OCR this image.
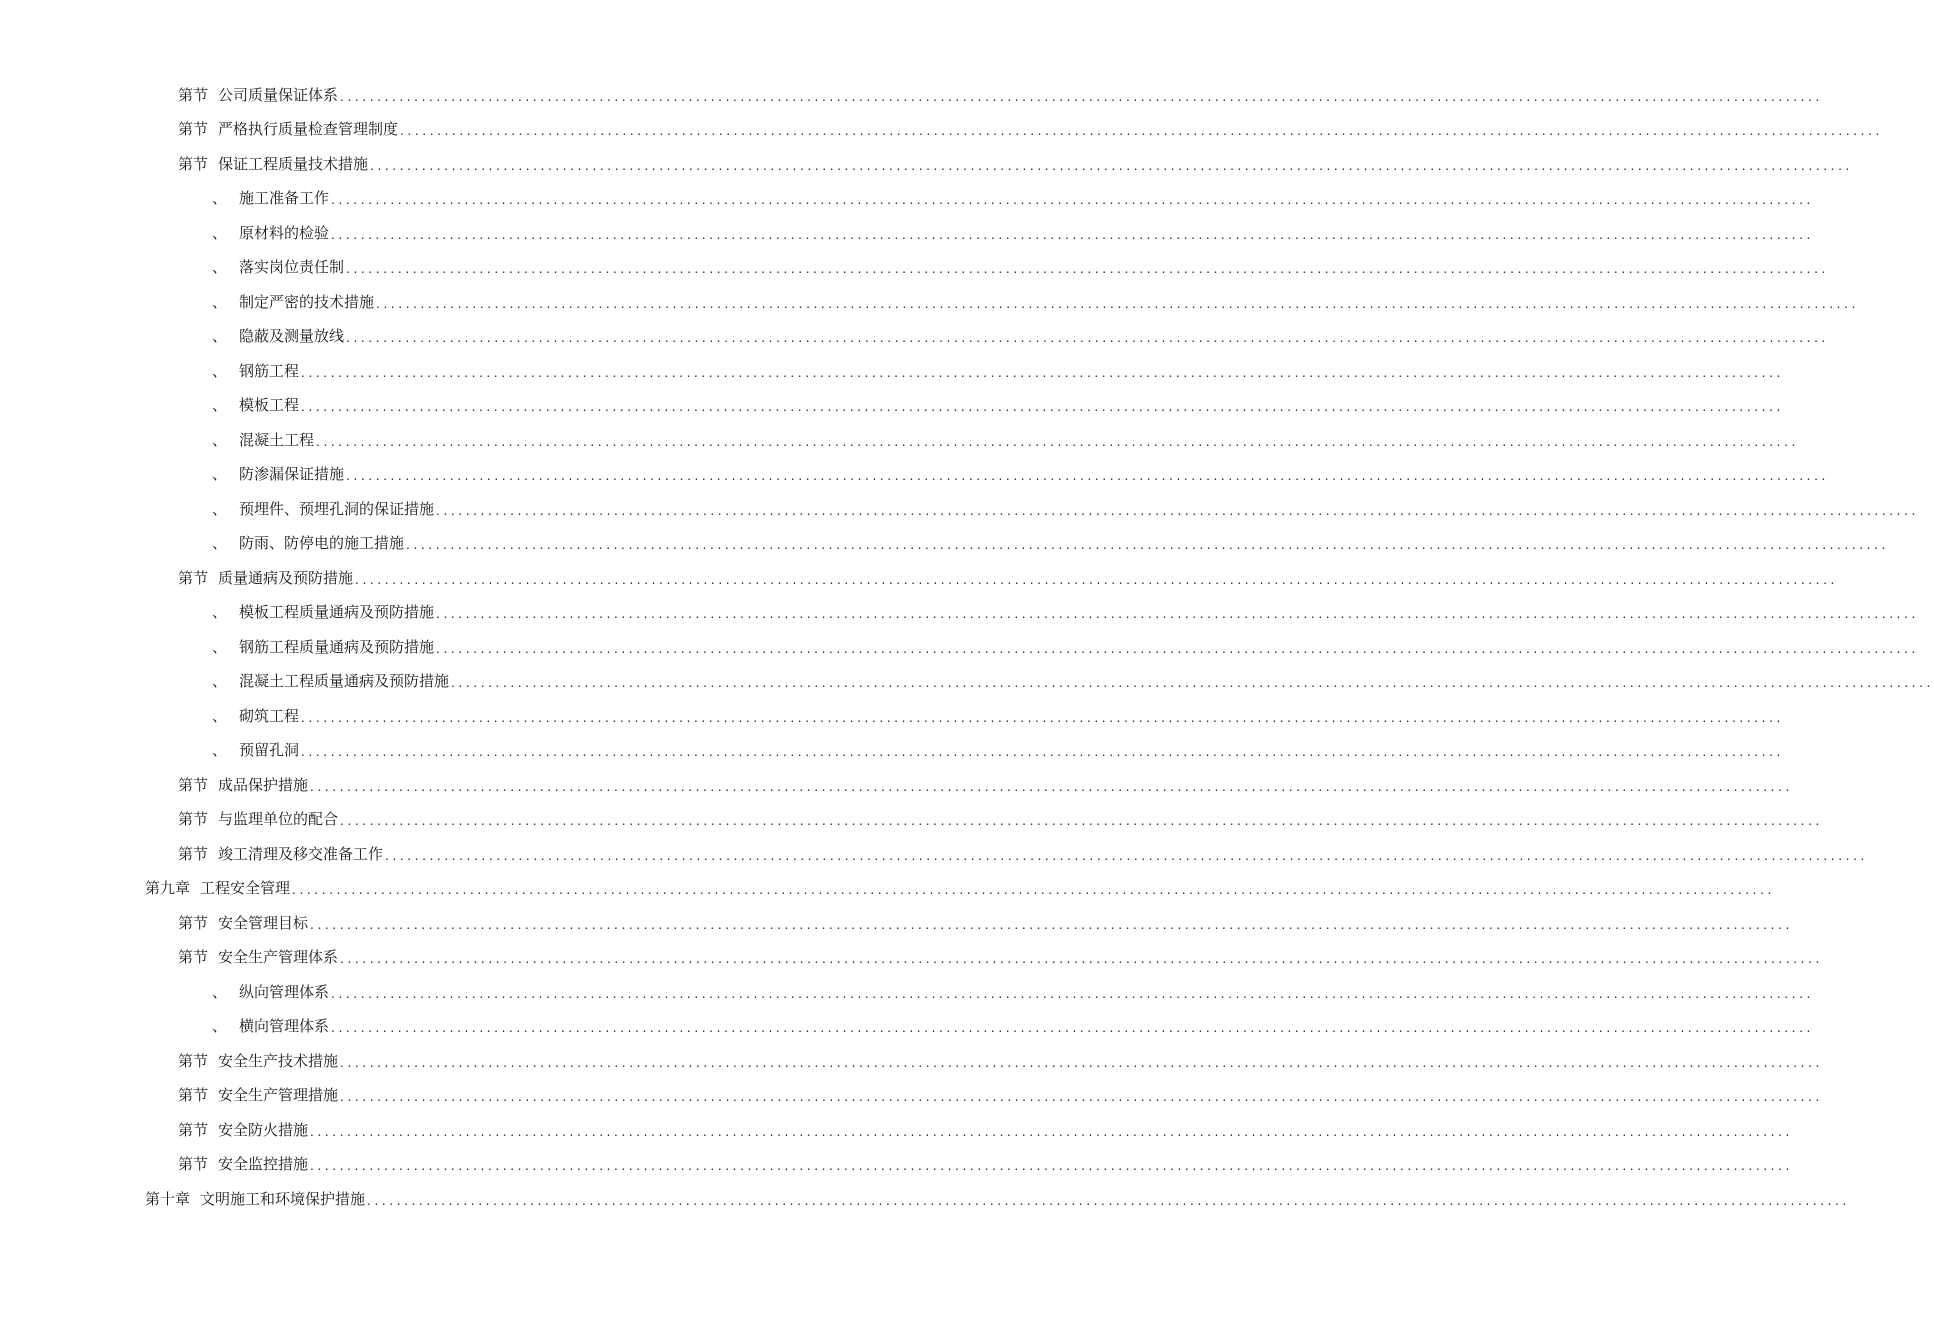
第节 公司质量保证体系 ........................................................................................................................................................................................................
第节 严格执行质量检查管理制度 ........................................................................................................................................................................................................
第节 保证工程质量技术措施 ........................................................................................................................................................................................................
、 施工准备工作 ........................................................................................................................................................................................................
、 原材料的检验 ........................................................................................................................................................................................................
、 落实岗位责任制 ........................................................................................................................................................................................................
、 制定严密的技术措施 ........................................................................................................................................................................................................
、 隐蔽及测量放线 ........................................................................................................................................................................................................
、 钢筋工程 ........................................................................................................................................................................................................
、 模板工程 ........................................................................................................................................................................................................
、 混凝土工程 ........................................................................................................................................................................................................
、 防渗漏保证措施 ........................................................................................................................................................................................................
、 预埋件、预埋孔洞的保证措施 ........................................................................................................................................................................................................
、 防雨、防停电的施工措施 ........................................................................................................................................................................................................
第节 质量通病及预防措施 ........................................................................................................................................................................................................
、 模板工程质量通病及预防措施 ........................................................................................................................................................................................................
、 钢筋工程质量通病及预防措施 ........................................................................................................................................................................................................
、 混凝土工程质量通病及预防措施 ........................................................................................................................................................................................................
、 砌筑工程 ........................................................................................................................................................................................................
、 预留孔洞 ........................................................................................................................................................................................................
第节 成品保护措施 ........................................................................................................................................................................................................
第节 与监理单位的配合 ........................................................................................................................................................................................................
第节 竣工清理及移交准备工作 ........................................................................................................................................................................................................
第九章 工程安全管理 ........................................................................................................................................................................................................
第节 安全管理目标 ........................................................................................................................................................................................................
第节 安全生产管理体系 ........................................................................................................................................................................................................
、 纵向管理体系 ........................................................................................................................................................................................................
、 横向管理体系 ........................................................................................................................................................................................................
第节 安全生产技术措施 ........................................................................................................................................................................................................
第节 安全生产管理措施 ........................................................................................................................................................................................................
第节 安全防火措施 ........................................................................................................................................................................................................
第节 安全监控措施 ........................................................................................................................................................................................................
第十章 文明施工和环境保护措施 ........................................................................................................................................................................................................
